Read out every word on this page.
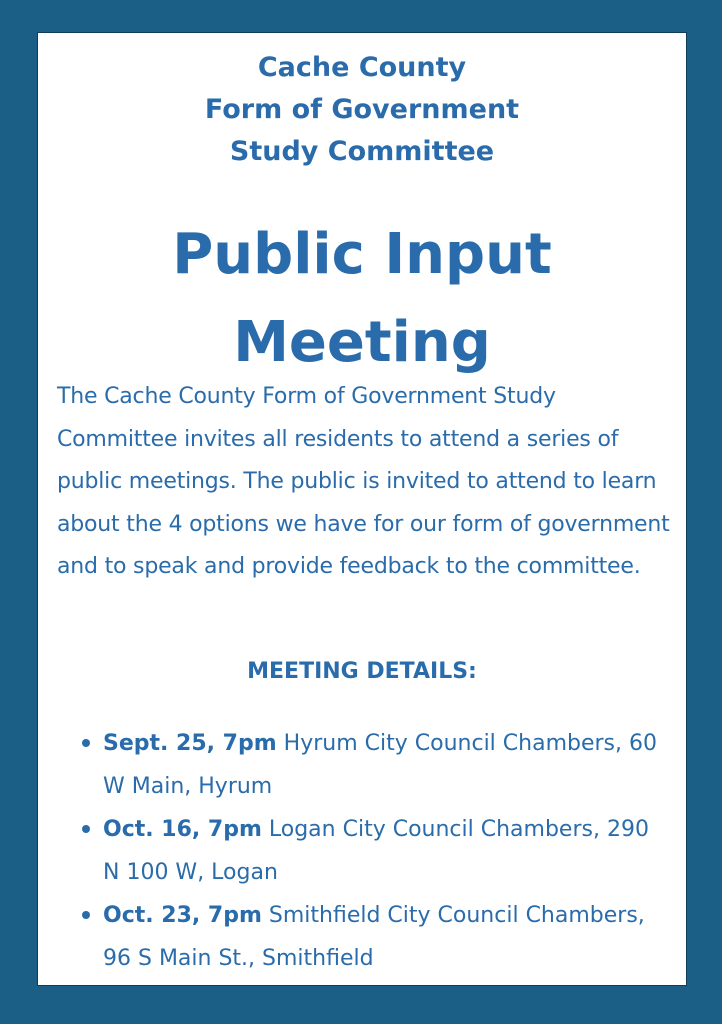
Cache County
Form of Government
Study Committee
Public Input
Meeting

The Cache County Form of Government Study Committee invites all residents to attend a series of public meetings. The public is invited to attend to learn about the 4 options we have for our form of government and to speak and provide feedback to the committee.

MEETING DETAILS:
Sept. 25, 7pm Hyrum City Council Chambers, 60 W Main, Hyrum
Oct. 16, 7pm Logan City Council Chambers, 290 N 100 W, Logan
Oct. 23, 7pm Smithfield City Council Chambers, 96 S Main St., Smithfield
